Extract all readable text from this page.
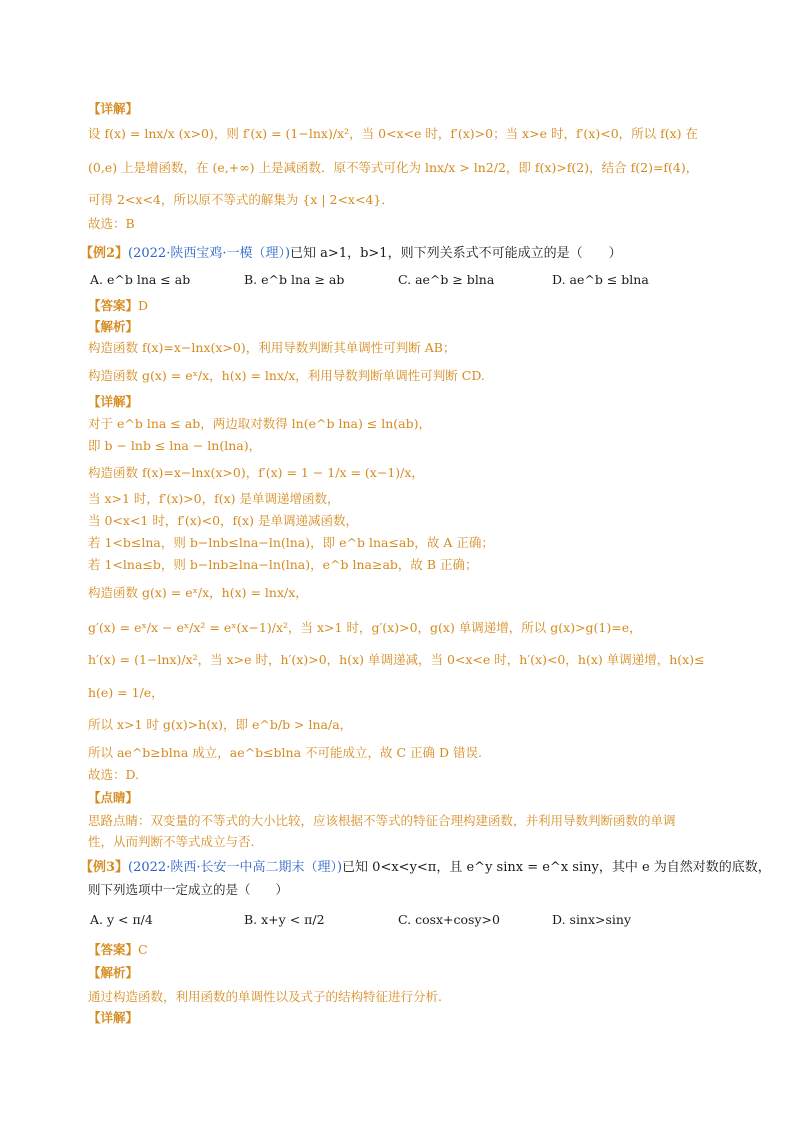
【详解】
设 f(x) = lnx/x (x>0)，则 f′(x) = (1−lnx)/x²，当 0<x<e 时，f′(x)>0；当 x>e 时，f′(x)<0，所以 f(x) 在
(0,e) 上是增函数，在 (e,+∞) 上是减函数．原不等式可化为 lnx/x > ln2/2，即 f(x)>f(2)，结合 f(2)=f(4)，
可得 2<x<4，所以原不等式的解集为 {x | 2<x<4}．
故选：B
【例2】(2022·陕西宝鸡·一模（理）)已知 a>1，b>1，则下列关系式不可能成立的是（　　）
A. e^b lna ≤ ab	B. e^b lna ≥ ab	C. ae^b ≥ blna	D. ae^b ≤ blna
【答案】D
【解析】
构造函数 f(x)=x−lnx(x>0)，利用导数判断其单调性可判断 AB；
构造函数 g(x) = eˣ/x，h(x) = lnx/x，利用导数判断单调性可判断 CD.
【详解】
对于 e^b lna ≤ ab，两边取对数得 ln(e^b lna) ≤ ln(ab)，
即 b − lnb ≤ lna − ln(lna)，
构造函数 f(x)=x−lnx(x>0)，f′(x) = 1 − 1/x = (x−1)/x，
当 x>1 时，f′(x)>0，f(x) 是单调递增函数，
当 0<x<1 时，f′(x)<0，f(x) 是单调递减函数，
若 1<b≤lna，则 b−lnb≤lna−ln(lna)，即 e^b lna≤ab，故 A 正确；
若 1<lna≤b，则 b−lnb≥lna−ln(lna)，e^b lna≥ab，故 B 正确；
构造函数 g(x) = eˣ/x，h(x) = lnx/x，
g′(x) = eˣ/x − eˣ/x² = eˣ(x−1)/x²，当 x>1 时，g′(x)>0，g(x) 单调递增，所以 g(x)>g(1)=e，
h′(x) = (1−lnx)/x²，当 x>e 时，h′(x)>0，h(x) 单调递减，当 0<x<e 时，h′(x)<0，h(x) 单调递增，h(x)≤
h(e) = 1/e，
所以 x>1 时 g(x)>h(x)，即 e^b/b > lna/a，
所以 ae^b≥blna 成立，ae^b≤blna 不可能成立，故 C 正确 D 错误.
故选：D.
【点睛】
思路点睛：双变量的不等式的大小比较，应该根据不等式的特征合理构建函数，并利用导数判断函数的单调
性，从而判断不等式成立与否.
【例3】(2022·陕西·长安一中高二期末（理）)已知 0<x<y<π，且 e^y sinx = e^x siny，其中 e 为自然对数的底数，
则下列选项中一定成立的是（　　）
A. y < π/4	B. x+y < π/2	C. cosx+cosy>0	D. sinx>siny
【答案】C
【解析】
通过构造函数，利用函数的单调性以及式子的结构特征进行分析.
【详解】
